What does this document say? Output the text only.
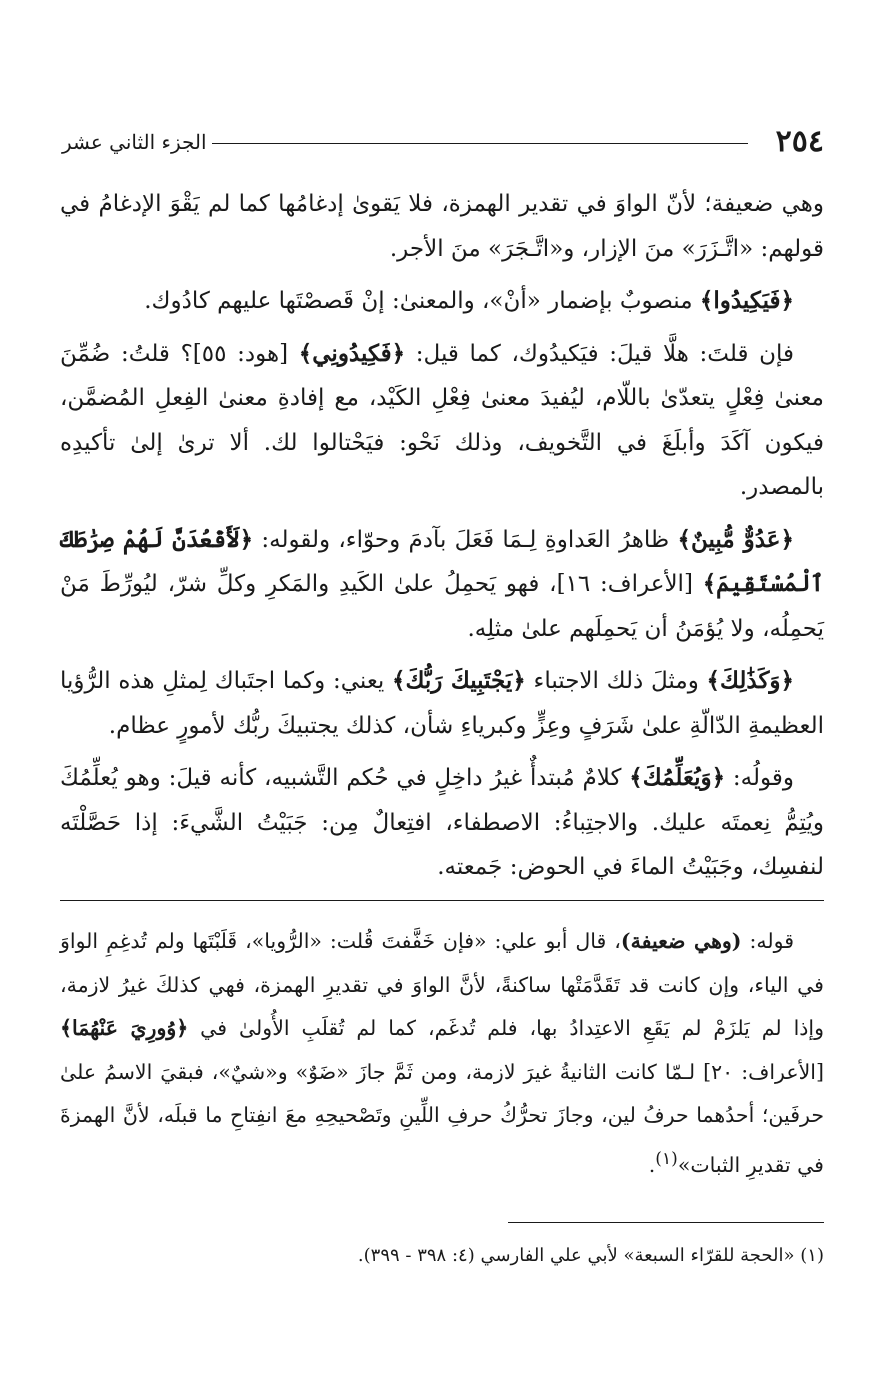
٢٥٤
الجزء الثاني عشر

وهي ضعيفة؛ لأنّ الواوَ في تقدير الهمزة، فلا يَقوىٰ إدغامُها كما لم يَقْوَ الإدغامُ في قولهم: «اتَّـزَرَ» منَ الإزار، و«اتَّـجَرَ» منَ الأجر.

﴿فَيَكِيدُوا﴾ منصوبٌ بإضمار «أنْ»، والمعنىٰ: إنْ قَصصْتَها عليهم كادُوك.

فإن قلتَ: هلَّا قيلَ: فيَكيدُوك، كما قيل: ﴿فَكِيدُونِي﴾ [هود: ٥٥]؟ قلتُ: ضُمِّنَ معنىٰ فِعْلٍ يتعدّىٰ باللّام، ليُفيدَ معنىٰ فِعْلِ الكَيْد، مع إفادةِ معنىٰ الفِعلِ المُضمَّن، فيكون آكَدَ وأبلَغَ في التَّخويف، وذلك نَحْو: فيَحْتالوا لك. ألا ترىٰ إلىٰ تأكيدِه بالمصدر.

﴿عَدُوٌّ مُّبِينٌ﴾ ظاهرُ العَداوةِ لِـمَا فَعَلَ بآدمَ وحوّاء، ولقوله: ﴿لَأَقْعُدَنَّ لَهُمْ صِرَٰطَكَ ٱلْمُسْتَقِيمَ﴾ [الأعراف: ١٦]، فهو يَحمِلُ علىٰ الكَيدِ والمَكرِ وكلِّ شرّ، ليُورِّطَ مَنْ يَحمِلُه، ولا يُؤمَنُ أن يَحمِلَهم علىٰ مثلِه.

﴿وَكَذَٰلِكَ﴾ ومثلَ ذلك الاجتباء ﴿يَجْتَبِيكَ رَبُّكَ﴾ يعني: وكما اجتَباك لِمثلِ هذه الرُّؤيا العظيمةِ الدّالّةِ علىٰ شَرَفٍ وعِزٍّ وكبرياءِ شأن، كذلك يجتبيكَ ربُّك لأمورٍ عظام.

وقولُه: ﴿وَيُعَلِّمُكَ﴾ كلامٌ مُبتدأٌ غيرُ داخِلٍ في حُكم التَّشبيه، كأنه قيلَ: وهو يُعلِّمُكَ ويُتِمُّ نِعمتَه عليك. والاجتِباءُ: الاصطفاء، افتِعالٌ مِن: جَبَيْتُ الشَّيءَ: إذا حَصَّلْتَه لنفسِك، وجَبَيْتُ الماءَ في الحوض: جَمعته.

قوله: (وهي ضعيفة)، قال أبو علي: «فإن خَفَّفتَ قُلت: «الرُّويا»، قَلَبْتَها ولم تُدغِمِ الواوَ في الياء، وإن كانت قد تَقَدَّمَتْها ساكنةً، لأنَّ الواوَ في تقديرِ الهمزة، فهي كذلكَ غيرُ لازمة، وإذا لم يَلزَمْ لم يَقَعِ الاعتِدادُ بها، فلم تُدغَم، كما لم تُقلَبِ الأُولىٰ في ﴿وُورِيَ عَنْهُمَا﴾ [الأعراف: ٢٠] لـمّا كانت الثانيةُ غيرَ لازمة، ومن ثَمَّ جازَ «ضَوٌ» و«شيٌ»، فبقيَ الاسمُ علىٰ حرفَين؛ أحدُهما حرفُ لين، وجازَ تحرُّكُ حرفِ اللِّينِ وتَصْحيحِهِ معَ انفِتاحِ ما قبلَه، لأنَّ الهمزةَ في تقديرِ الثبات»$^{(١)}$.

(١) «الحجة للقرّاء السبعة» لأبي علي الفارسي (٤: ٣٩٨ - ٣٩٩).
